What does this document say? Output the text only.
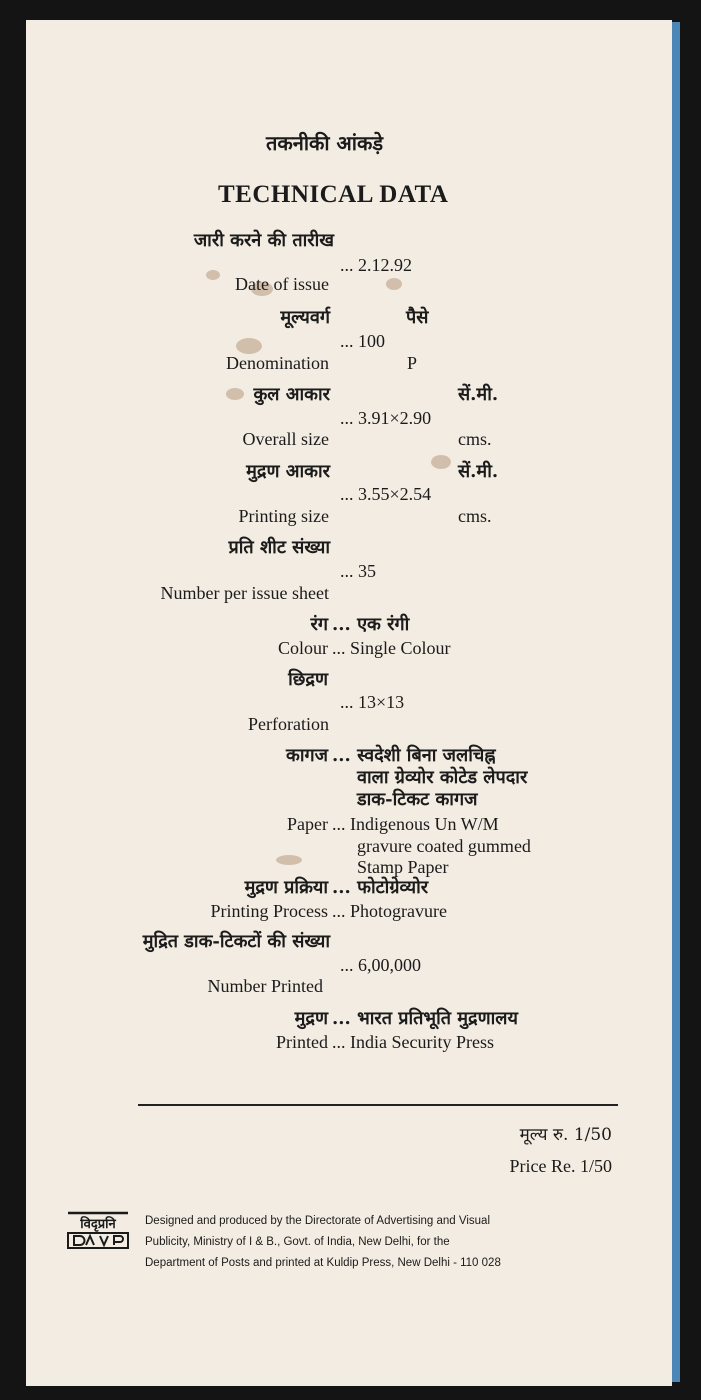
तकनीकी आंकड़े
TECHNICAL DATA
जारी करने की तारीख
... 2.12.92
Date of issue
मूल्यवर्ग	पैसे
... 100
Denomination	P
कुल आकार	सें.मी.
... 3.91×2.90
Overall size	cms.
मुद्रण आकार	सें.मी.
... 3.55×2.54
Printing size	cms.
प्रति शीट संख्या
... 35
Number per issue sheet
रंग ... एक रंगी
Colour ... Single Colour
छिद्रण
... 13×13
Perforation
कागज ... स्वदेशी बिना जलचिह्न
वाला ग्रेव्योर कोटेड लेपदार
डाक-टिकट कागज
Paper ... Indigenous Un W/M
gravure coated gummed
Stamp Paper
मुद्रण प्रक्रिया ... फोटोग्रेव्योर
Printing Process ... Photogravure
मुद्रित डाक-टिकटों की संख्या
... 6,00,000
Number Printed
मुद्रण ... भारत प्रतिभूति मुद्रणालय
Printed ... India Security Press
मूल्य रु. 1/50
Price Re. 1/50
विदृप्रनि	Designed and produced by the Directorate of Advertising and Visual
Publicity, Ministry of I & B., Govt. of India, New Delhi, for the
Department of Posts and printed at Kuldip Press, New Delhi - 110 028
